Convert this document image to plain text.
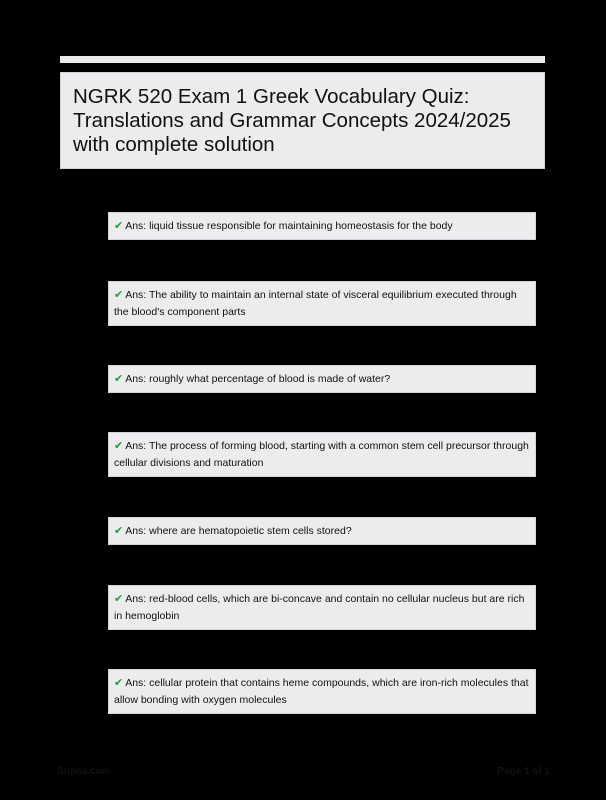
NGRK 520 Exam 1 Greek Vocabulary Quiz: Translations and Grammar Concepts 2024/2025 with complete solution
✔ Ans: liquid tissue responsible for maintaining homeostasis for the body
✔ Ans: The ability to maintain an internal state of visceral equilibrium executed through the blood's component parts
✔ Ans: roughly what percentage of blood is made of water?
✔ Ans: The process of forming blood, starting with a common stem cell precursor through cellular divisions and maturation
✔ Ans: where are hematopoietic stem cells stored?
✔ Ans: red-blood cells, which are bi-concave and contain no cellular nucleus but are rich in hemoglobin
✔ Ans: cellular protein that contains heme compounds, which are iron-rich molecules that allow bonding with oxygen molecules
Stuvia.com	Page 1 of 1
